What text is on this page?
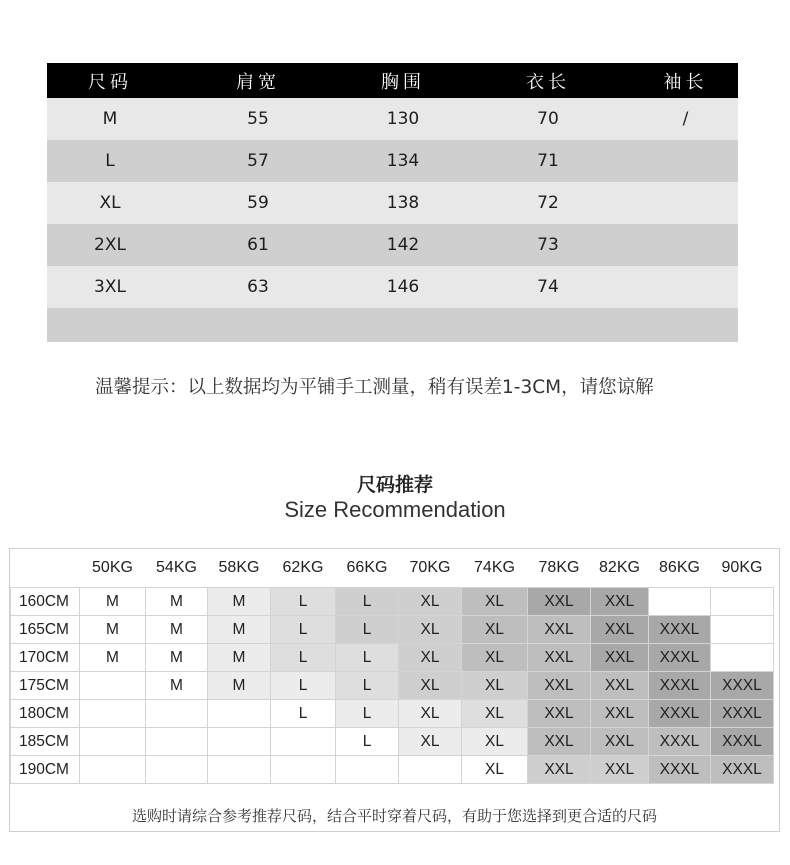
尺码	肩宽	胸围	衣长	袖长
M	55	130	70	/
L	57	134	71
XL	59	138	72
2XL	61	142	73
3XL	63	146	74
温馨提示：以上数据均为平铺手工测量，稍有误差1-3CM，请您谅解
尺码推荐
Size Recommendation
	50KG	54KG	58KG	62KG	66KG	70KG	74KG	78KG	82KG	86KG	90KG
160CM	M	M	M	L	L	XL	XL	XXL	XXL		
165CM	M	M	M	L	L	XL	XL	XXL	XXL	XXXL	
170CM	M	M	M	L	L	XL	XL	XXL	XXL	XXXL	
175CM		M	M	L	L	XL	XL	XXL	XXL	XXXL	XXXL
180CM				L	L	XL	XL	XXL	XXL	XXXL	XXXL
185CM					L	XL	XL	XXL	XXL	XXXL	XXXL
190CM							XL	XXL	XXL	XXXL	XXXL
选购时请综合参考推荐尺码，结合平时穿着尺码，有助于您选择到更合适的尺码
